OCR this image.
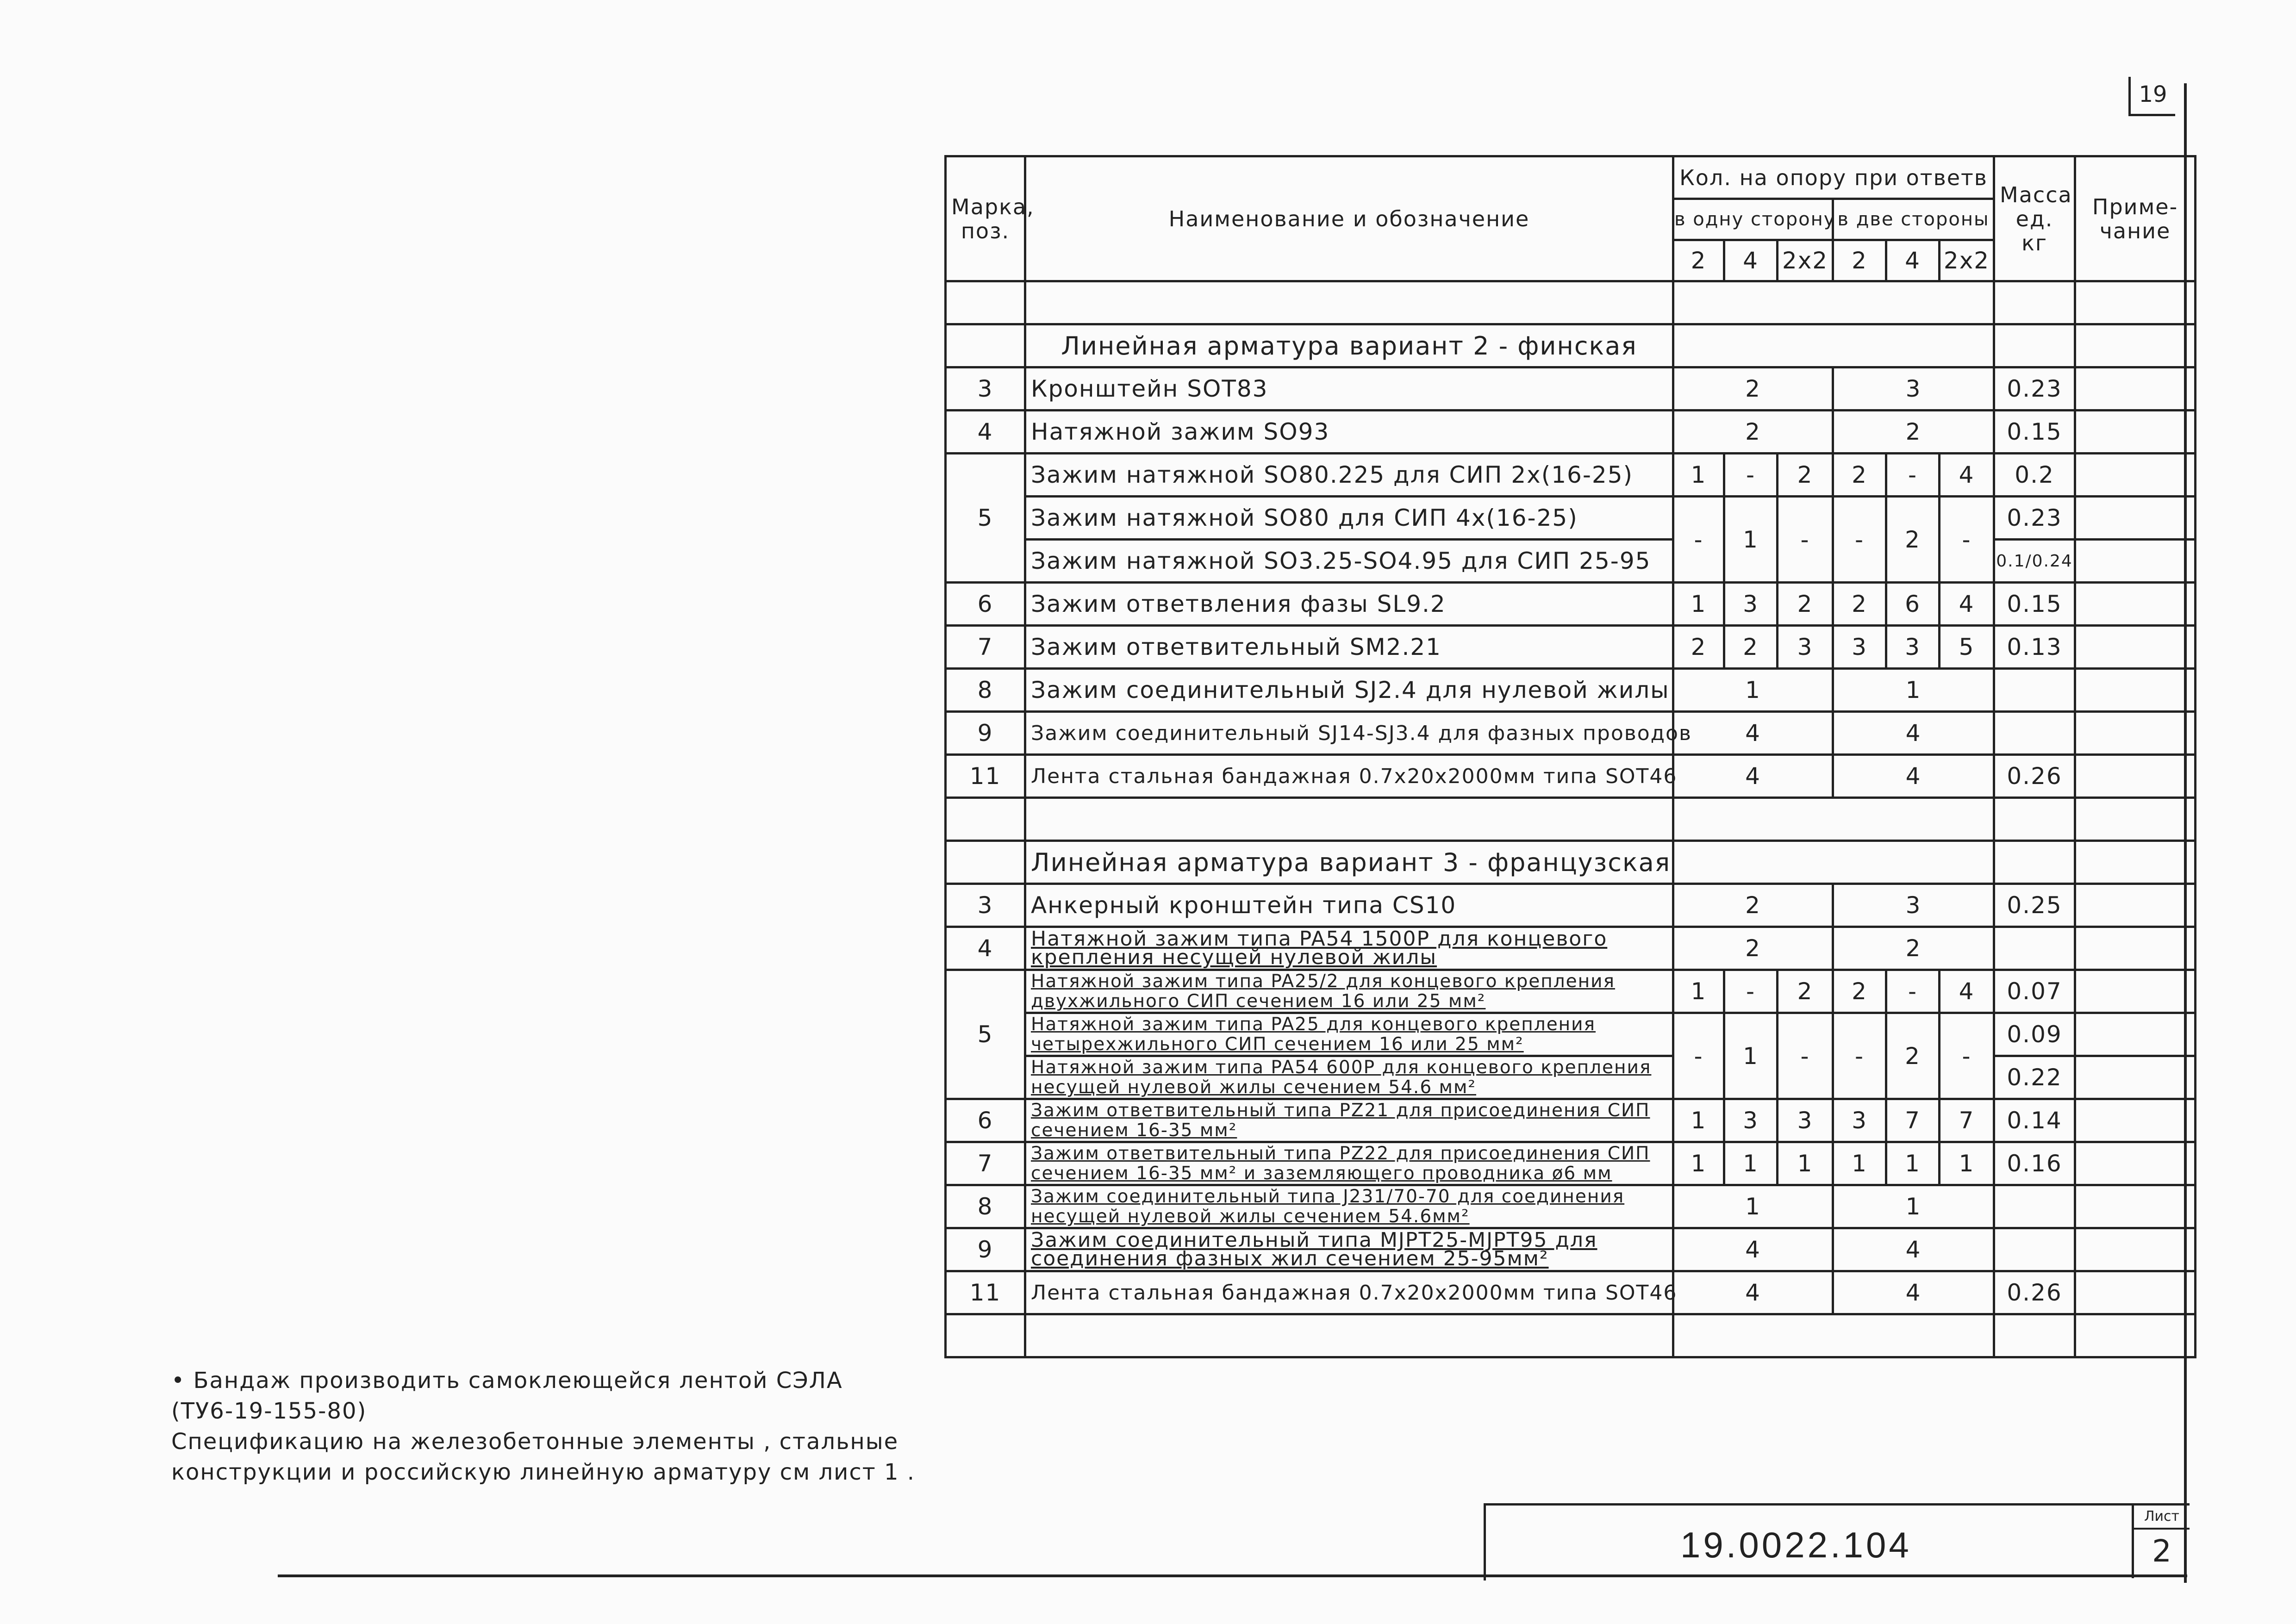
19
Марка, поз.	Наименование и обозначение	Кол. на опору при ответв						Масса ед. кг	Приме- чание
		в одну сторону			в две стороны				
		2	4	2x2	2	4	2x2		

	Линейная арматура вариант 2 - финская								
3	Кронштейн SOT83	2			3			0.23	
4	Натяжной зажим SO93	2			2			0.15	
5	Зажим натяжной SO80.225 для СИП 2х(16-25)	1	-	2	2	-	4	0.2	
	Зажим натяжной SO80 для СИП 4х(16-25)	-	1	-	-	2	-	0.23	
	Зажим натяжной SO3.25-SO4.95 для СИП 25-95							0.1/0.24	
6	Зажим ответвления фазы SL9.2	1	3	2	2	6	4	0.15	
7	Зажим ответвительный SM2.21	2	2	3	3	3	5	0.13	
8	Зажим соединительный SJ2.4 для нулевой жилы	1			1				
9	Зажим соединительный SJ14-SJ3.4 для фазных проводов	4			4				
11	Лента стальная бандажная 0.7x20x2000мм типа SOT46	4			4			0.26	

	Линейная арматура вариант 3 - французская								
3	Анкерный кронштейн типа CS10	2			3			0.25	
4	Натяжной зажим типа PA54 1500P для концевого крепления несущей нулевой жилы	2			2				
5	Натяжной зажим типа PA25/2 для концевого крепления двухжильного СИП сечением 16 или 25 мм²	1	-	2	2	-	4	0.07	
	Натяжной зажим типа PA25 для концевого крепления четырехжильного СИП сечением 16 или 25 мм²	-	1	-	-	2	-	0.09	
	Натяжной зажим типа PA54 600P для концевого крепления несущей нулевой жилы сечением 54.6 мм²							0.22	
6	Зажим ответвительный типа PZ21 для присоединения СИП сечением 16-35 мм²	1	3	3	3	7	7	0.14	
7	Зажим ответвительный типа PZ22 для присоединения СИП сечением 16-35 мм² и заземляющего проводника ø6 мм	1	1	1	1	1	1	0.16	
8	Зажим соединительный типа J231/70-70 для соединения несущей нулевой жилы сечением 54.6мм²	1			1				
9	Зажим соединительный типа MJPT25-MJPT95 для соединения фазных жил сечением 25-95мм²	4			4				
11	Лента стальная бандажная 0.7x20x2000мм типа SOT46	4			4			0.26	

• Бандаж производить самоклеющейся лентой СЭЛА

(ТУ6-19-155-80)

Спецификацию на железобетонные элементы , стальные

конструкции и российскую линейную арматуру см лист 1 .

19.0022.104
Лист
2
